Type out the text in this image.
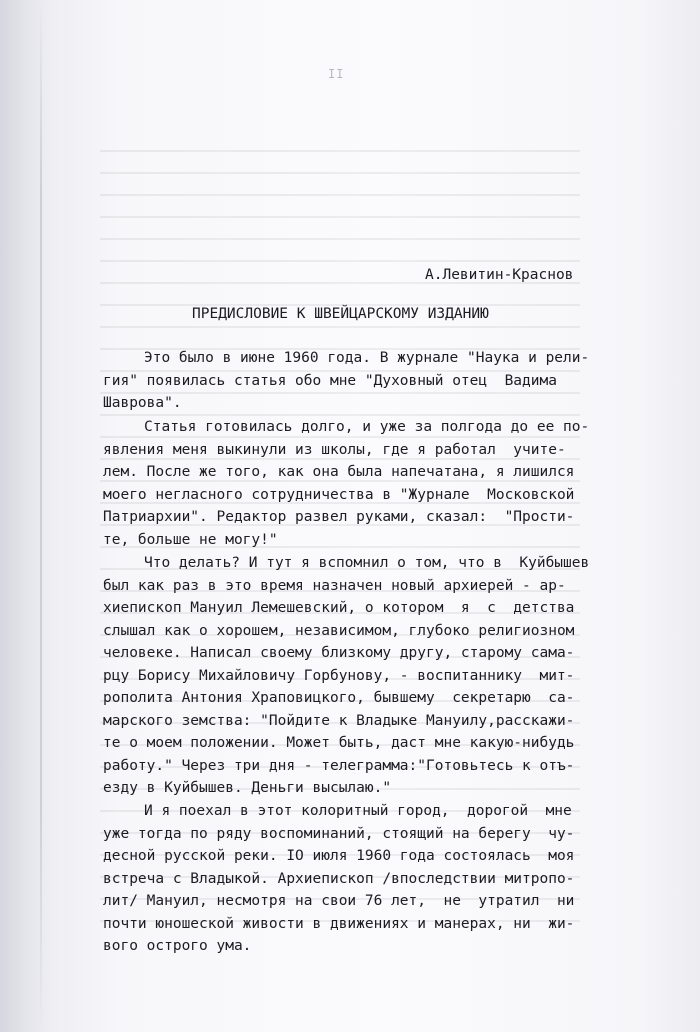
II
А.Левитин-Краснов
ПРЕДИСЛОВИЕ К ШВЕЙЦАРСКОМУ ИЗДАНИЮ
Это было в июне 1960 года. В журнале "Наука и рели-
гия" появилась статья обо мне "Духовный отец  Вадима
Шаврова".
Статья готовилась долго, и уже за полгода до ее по-
явления меня выкинули из школы, где я работал  учите-
лем. После же того, как она была напечатана, я лишился
моего негласного сотрудничества в "Журнале  Московской
Патриархии". Редактор развел руками, сказал:  "Прости-
те, больше не могу!"
Что делать? И тут я вспомнил о том, что в  Куйбышев
был как раз в это время назначен новый архиерей - ар-
хиепископ Мануил Лемешевский, о котором  я  с  детства
слышал как о хорошем, независимом, глубоко религиозном
человеке. Написал своему близкому другу, старому сама-
рцу Борису Михайловичу Горбунову, - воспитаннику  мит-
рополита Антония Храповицкого, бывшему  секретарю  са-
марского земства: "Пойдите к Владыке Мануилу,расскажи-
те о моем положении. Может быть, даст мне какую-нибудь
работу." Через три дня - телеграмма:"Готовьтесь к отъ-
езду в Куйбышев. Деньги высылаю."
И я поехал в этот колоритный город,  дорогой  мне
уже тогда по ряду воспоминаний, стоящий на берегу  чу-
десной русской реки. IO июля 1960 года состоялась  моя
встреча с Владыкой. Архиепископ /впоследствии митропо-
лит/ Мануил, несмотря на свои 76 лет,  не  утратил  ни
почти юношеской живости в движениях и манерах, ни  жи-
вого острого ума.
